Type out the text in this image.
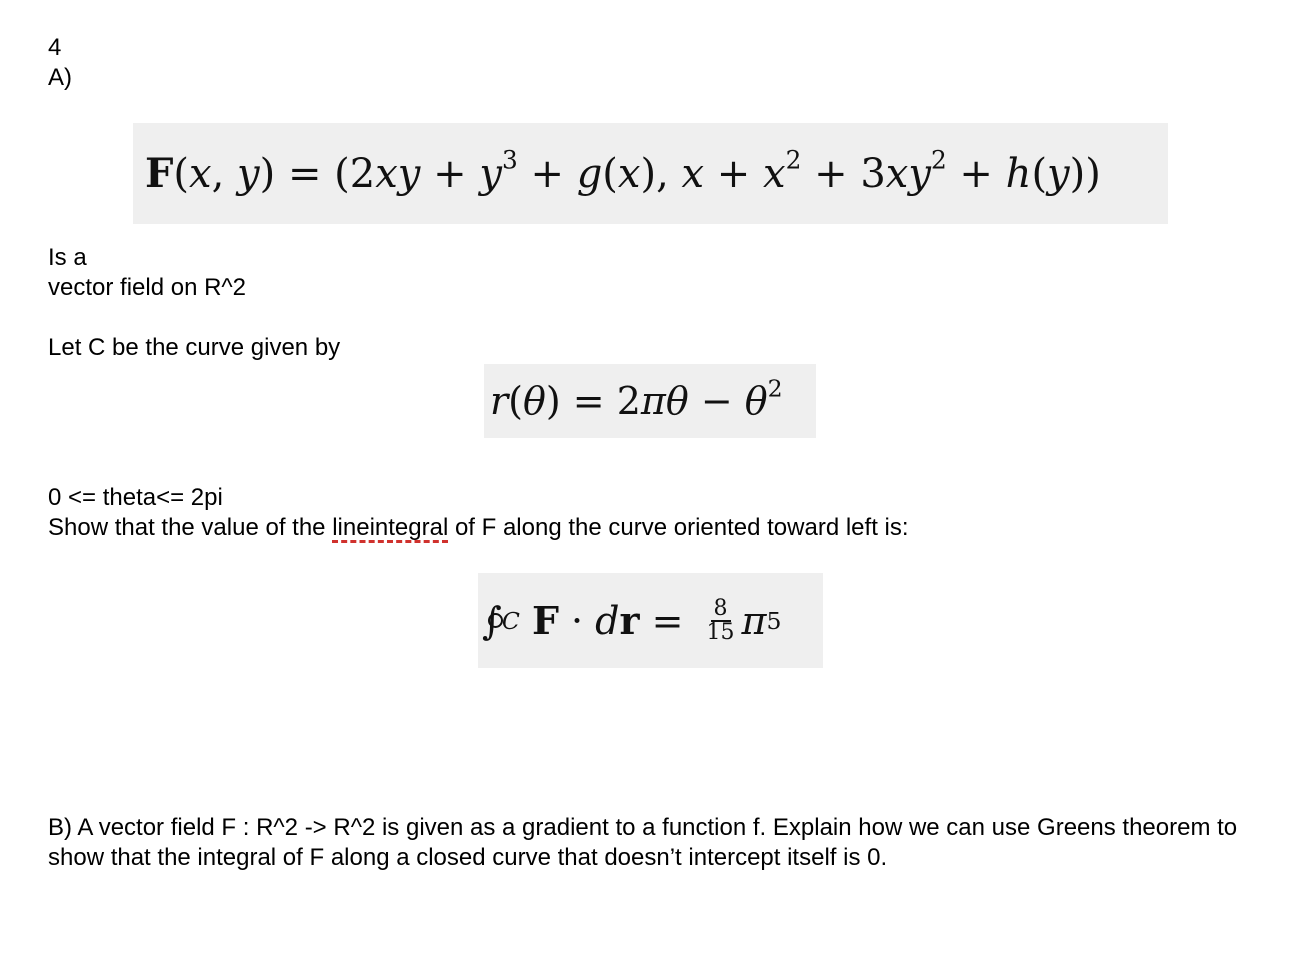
4
A)
F(x, $y) = (2xy + y^3 + g(x)$, $x + x^2 + 3xy^2 + h(y)$)
Is a
vector field on R^2
Let C be the curve given by
$r(\theta) = 2\pi\theta - \theta^2$
0 <= theta<= 2pi
Show that the value of the lineintegral of F along the curve oriented toward left is:
∫ C
F · d $r = \frac{8}{15}$ π 5
B) A vector field F : R^2 -> R^2 is given as a gradient to a function f. Explain how we can use Greens theorem to show that the integral of F along a closed curve that doesn’t intercept itself is 0.
